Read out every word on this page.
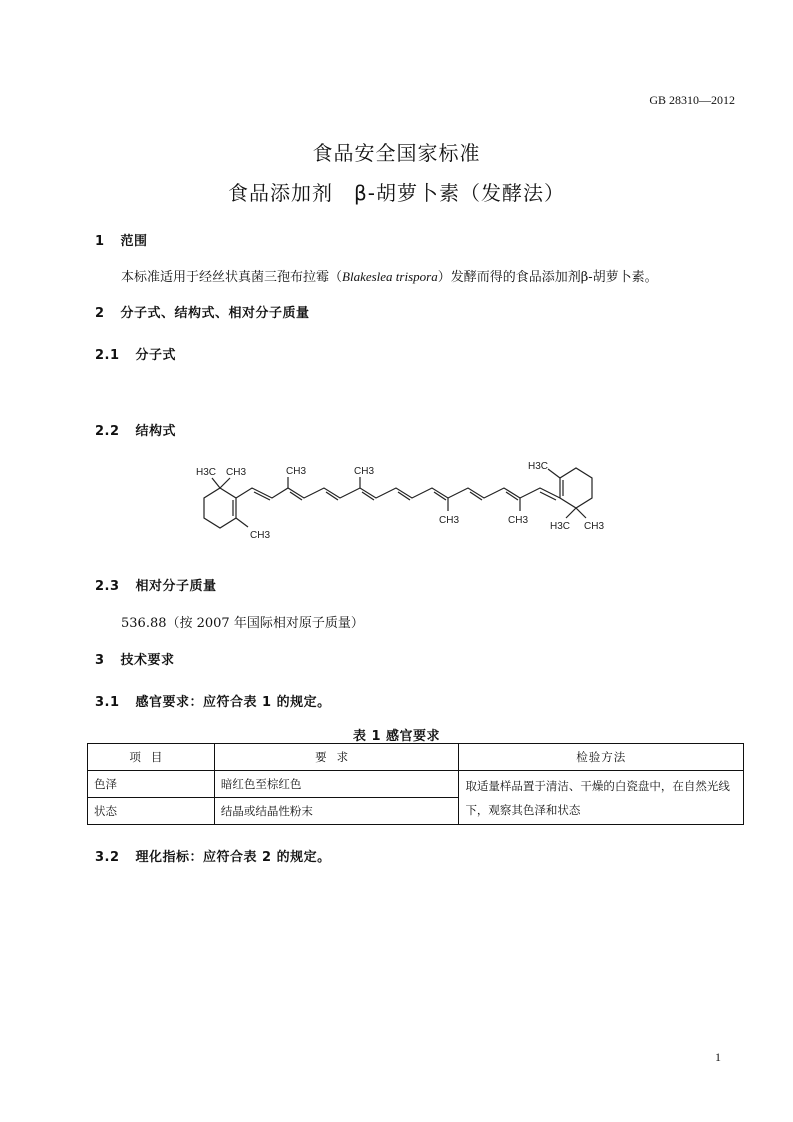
GB 28310—2012
食品安全国家标准
食品添加剂　β-胡萝卜素（发酵法）
1 范围
本标准适用于经丝状真菌三孢布拉霉（Blakeslea trispora）发酵而得的食品添加剂β-胡萝卜素。
2 分子式、结构式、相对分子质量
2.1 分子式
2.2 结构式
H3C CH3
CH3
CH3	CH3
CH3	CH3
H3C
H3C CH3
2.3 相对分子质量
536.88（按 2007 年国际相对原子质量）
3 技术要求
3.1 感官要求：应符合表 1 的规定。
表 1 感官要求
项目	要求	检验方法
色泽	暗红色至棕红色	取适量样品置于清洁、干燥的白瓷盘中，在自然光线下，观察其色泽和状态
状态	结晶或结晶性粉末	
3.2 理化指标：应符合表 2 的规定。
1
